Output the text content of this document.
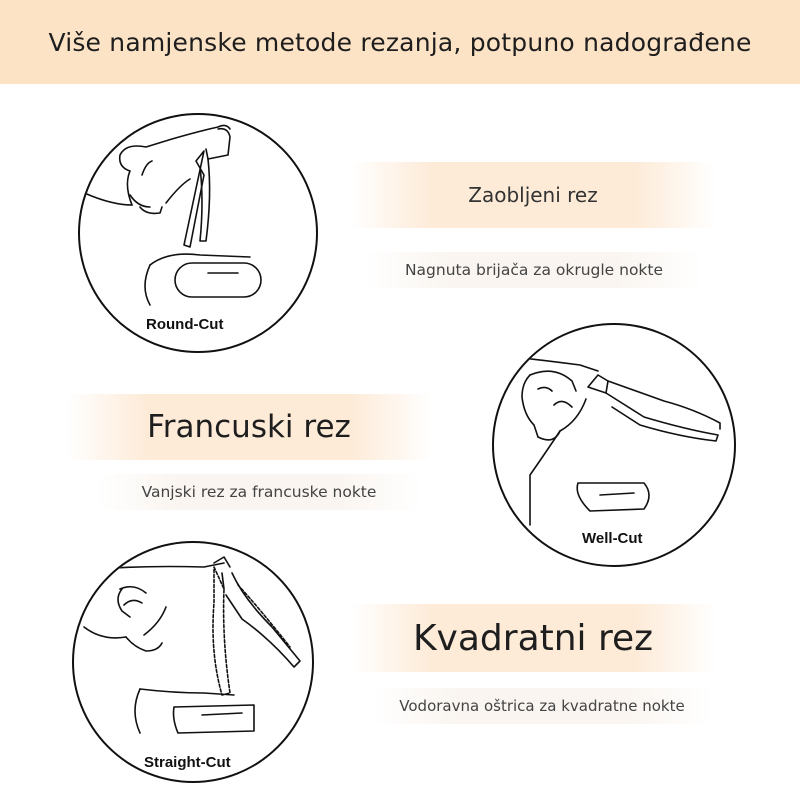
Više namjenske metode rezanja, potpuno nadograđene
Round-Cut
Zaobljeni rez
Nagnuta brijača za okrugle nokte
Francuski rez
Vanjski rez za francuske nokte
Well-Cut
Straight-Cut
Kvadratni rez
Vodoravna oštrica za kvadratne nokte
